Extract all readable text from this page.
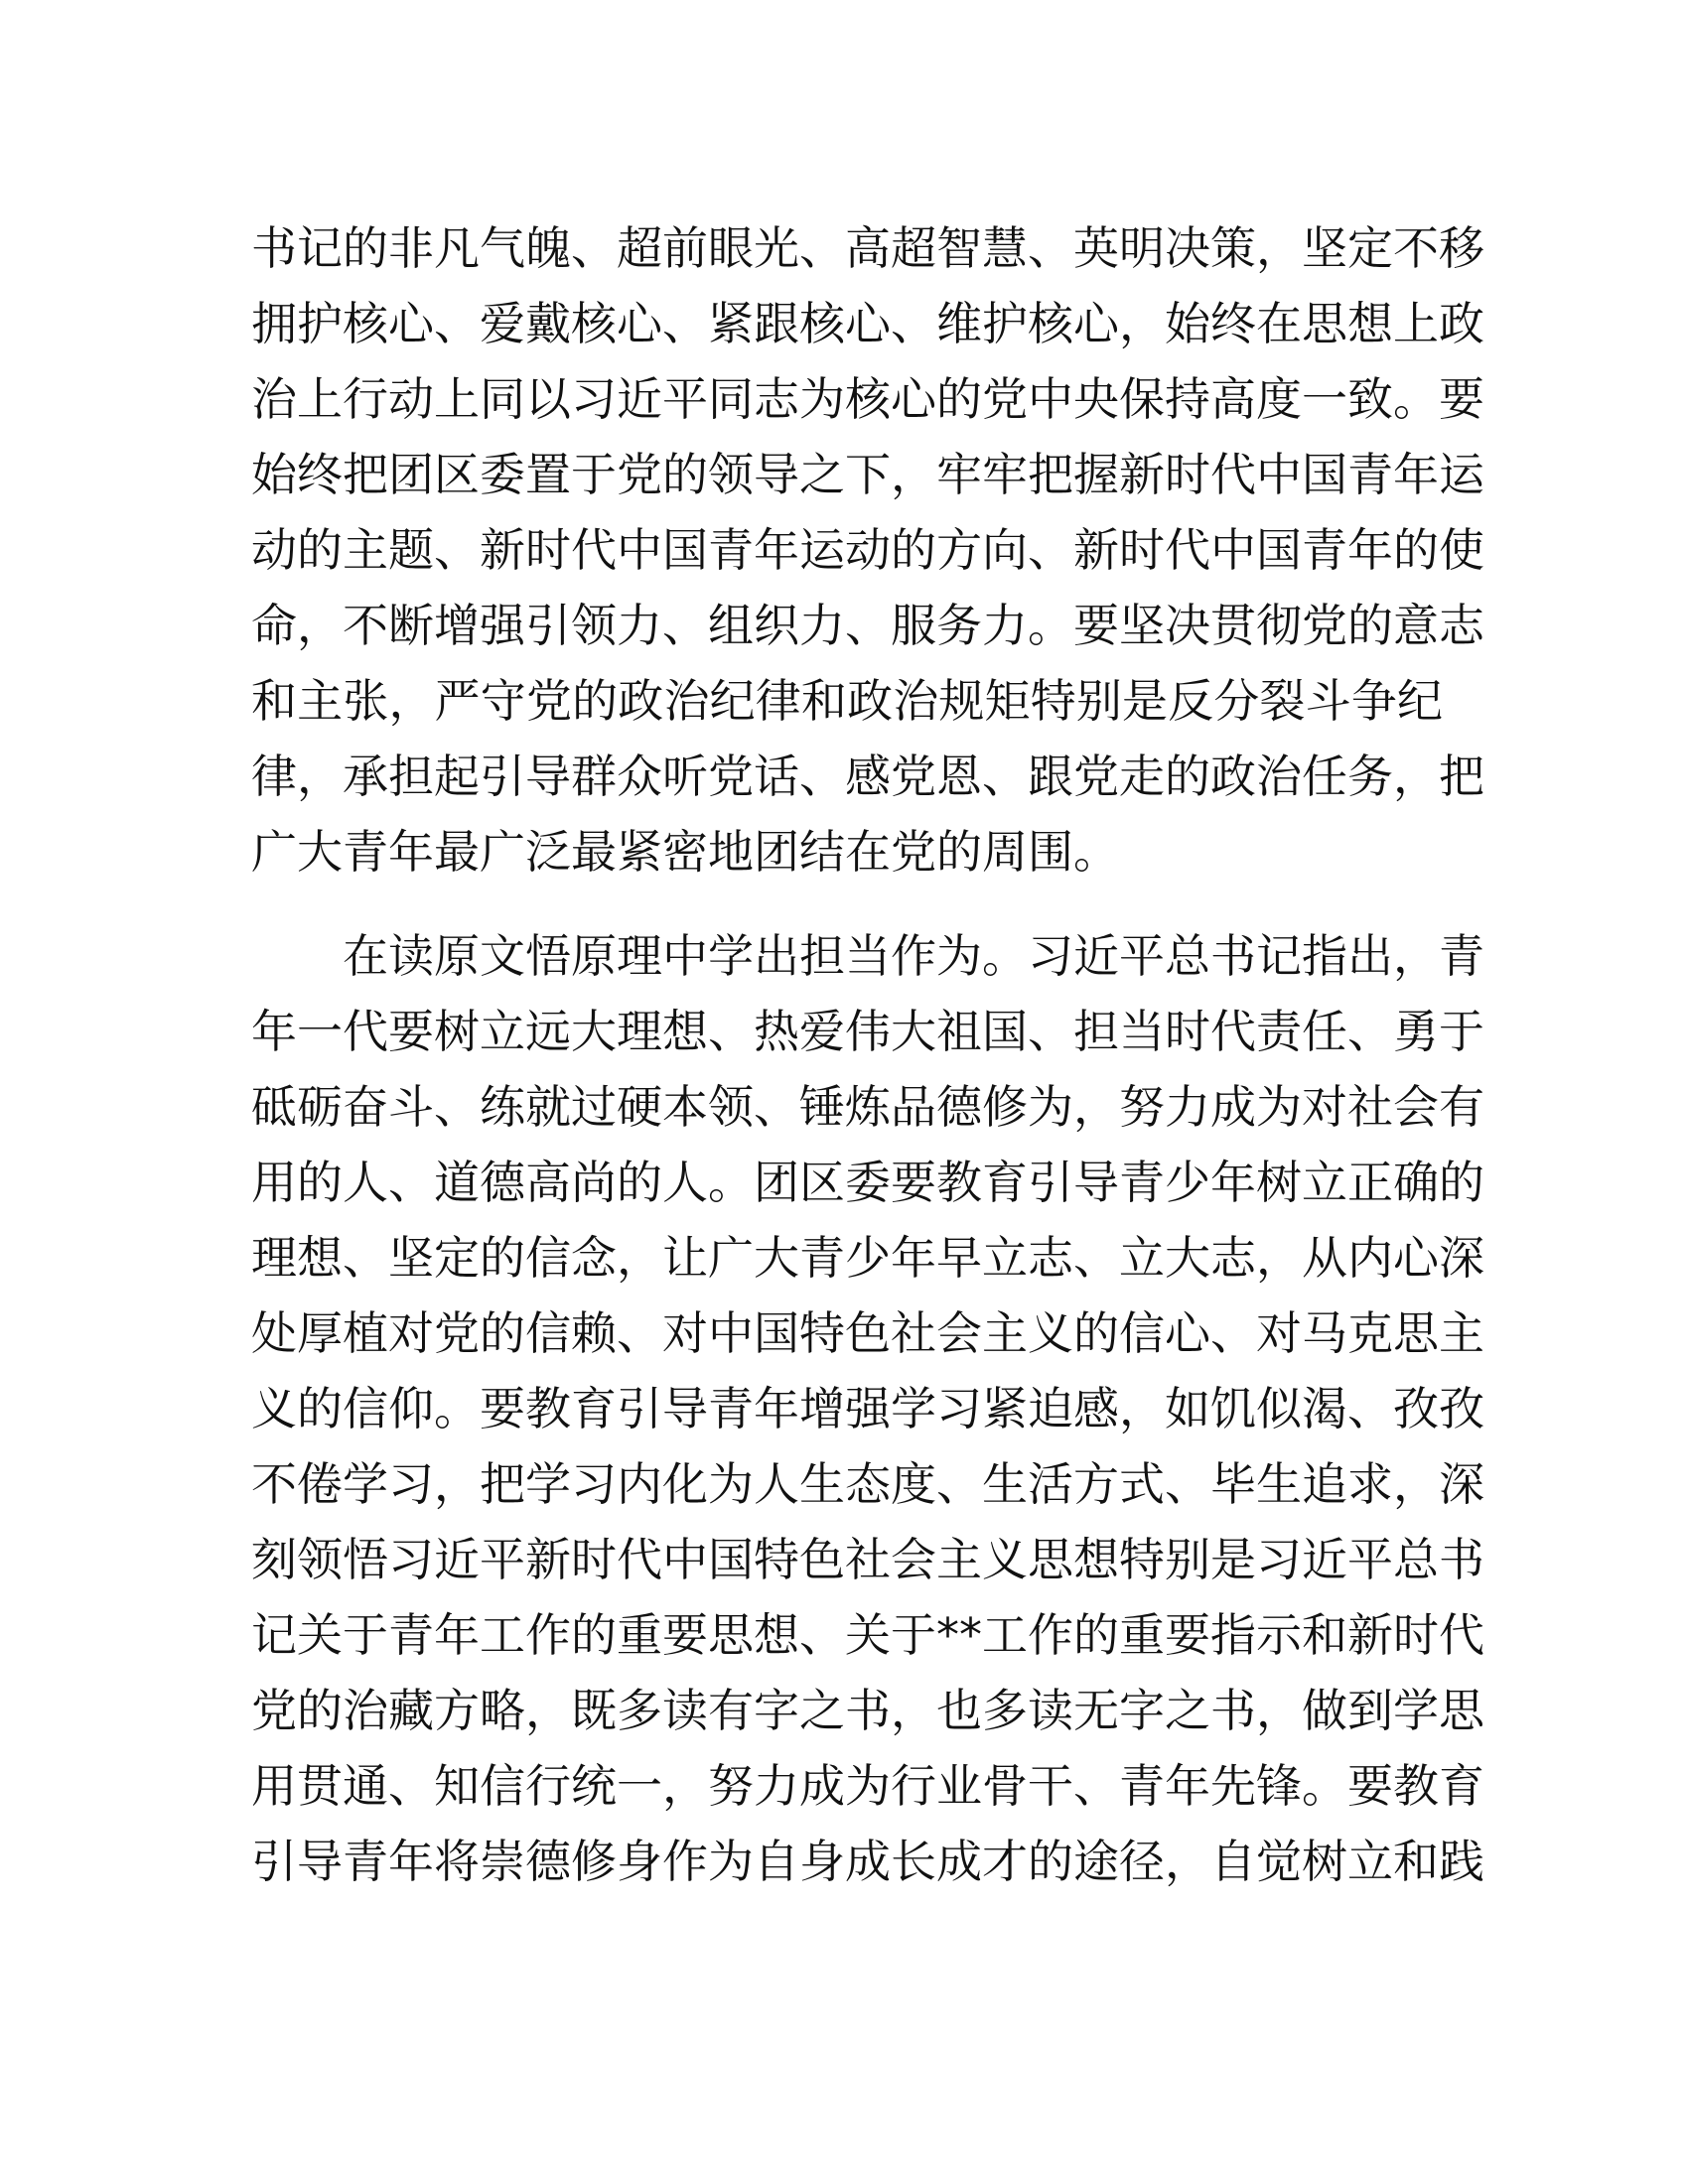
书记的非凡气魄、超前眼光、高超智慧、英明决策，坚定不移
拥护核心、爱戴核心、紧跟核心、维护核心，始终在思想上政
治上行动上同以习近平同志为核心的党中央保持高度一致。要
始终把团区委置于党的领导之下，牢牢把握新时代中国青年运
动的主题、新时代中国青年运动的方向、新时代中国青年的使
命，不断增强引领力、组织力、服务力。要坚决贯彻党的意志
和主张，严守党的政治纪律和政治规矩特别是反分裂斗争纪
律，承担起引导群众听党话、感党恩、跟党走的政治任务，把
广大青年最广泛最紧密地团结在党的周围。
在读原文悟原理中学出担当作为。习近平总书记指出，青
年一代要树立远大理想、热爱伟大祖国、担当时代责任、勇于
砥砺奋斗、练就过硬本领、锤炼品德修为，努力成为对社会有
用的人、道德高尚的人。团区委要教育引导青少年树立正确的
理想、坚定的信念，让广大青少年早立志、立大志，从内心深
处厚植对党的信赖、对中国特色社会主义的信心、对马克思主
义的信仰。要教育引导青年增强学习紧迫感，如饥似渴、孜孜
不倦学习，把学习内化为人生态度、生活方式、毕生追求，深
刻领悟习近平新时代中国特色社会主义思想特别是习近平总书
记关于青年工作的重要思想、关于**工作的重要指示和新时代
党的治藏方略，既多读有字之书，也多读无字之书，做到学思
用贯通、知信行统一，努力成为行业骨干、青年先锋。要教育
引导青年将崇德修身作为自身成长成才的途径，自觉树立和践
